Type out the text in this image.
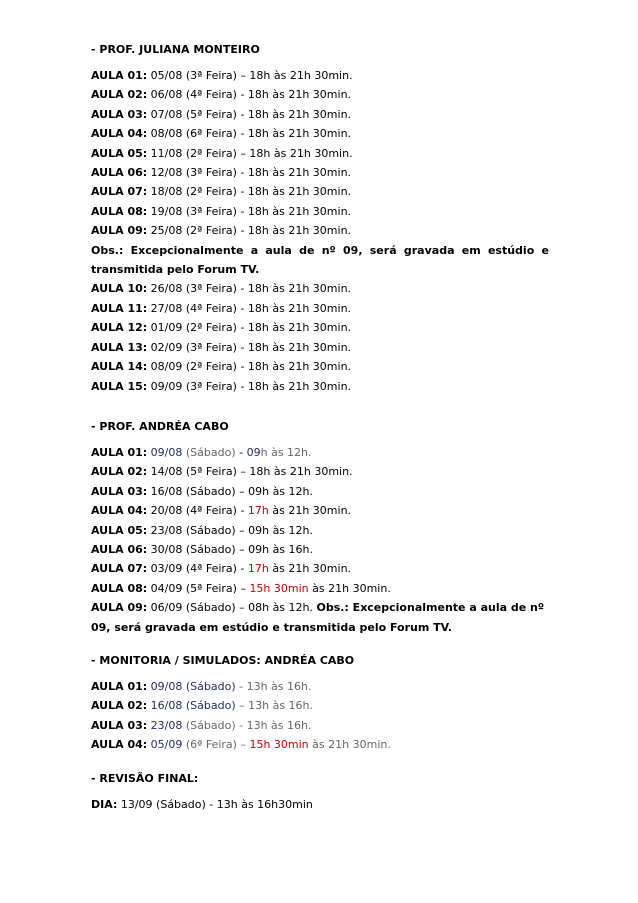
- PROF. JULIANA MONTEIRO

AULA 01: 05/08 (3ª Feira) – 18h às 21h 30min.
AULA 02: 06/08 (4ª Feira) - 18h às 21h 30min.
AULA 03: 07/08 (5ª Feira) - 18h às 21h 30min.
AULA 04: 08/08 (6ª Feira) - 18h às 21h 30min.
AULA 05: 11/08 (2ª Feira) – 18h às 21h 30min.
AULA 06: 12/08 (3ª Feira) - 18h às 21h 30min.
AULA 07: 18/08 (2ª Feira) - 18h às 21h 30min.
AULA 08: 19/08 (3ª Feira) - 18h às 21h 30min.
AULA 09: 25/08 (2ª Feira) - 18h às 21h 30min.
Obs.: Excepcionalmente a aula de nº 09, será gravada em estúdio e
transmitida pelo Forum TV.
AULA 10: 26/08 (3ª Feira) - 18h às 21h 30min.
AULA 11: 27/08 (4ª Feira) - 18h às 21h 30min.
AULA 12: 01/09 (2ª Feira) - 18h às 21h 30min.
AULA 13: 02/09 (3ª Feira) - 18h às 21h 30min.
AULA 14: 08/09 (2ª Feira) - 18h às 21h 30min.
AULA 15: 09/09 (3ª Feira) - 18h às 21h 30min.

- PROF. ANDRÉA CABO

AULA 01: 09/08 (Sábado) - 09h às 12h.
AULA 02: 14/08 (5ª Feira) – 18h às 21h 30min.
AULA 03: 16/08 (Sábado) – 09h às 12h.
AULA 04: 20/08 (4ª Feira) - 17h às 21h 30min.
AULA 05: 23/08 (Sábado) – 09h às 12h.
AULA 06: 30/08 (Sábado) – 09h às 16h.
AULA 07: 03/09 (4ª Feira) - 17h às 21h 30min.
AULA 08: 04/09 (5ª Feira) – 15h 30min às 21h 30min.
AULA 09: 06/09 (Sábado) – 08h às 12h. Obs.: Excepcionalmente a aula de nº
09, será gravada em estúdio e transmitida pelo Forum TV.

- MONITORIA / SIMULADOS: ANDRÉA CABO

AULA 01: 09/08 (Sábado) - 13h às 16h.
AULA 02: 16/08 (Sábado) – 13h às 16h.
AULA 03: 23/08 (Sábado) - 13h às 16h.
AULA 04: 05/09 (6ª Feira) – 15h 30min às 21h 30min.

- REVISÃO FINAL:

DIA: 13/09 (Sábado) - 13h às 16h30min
